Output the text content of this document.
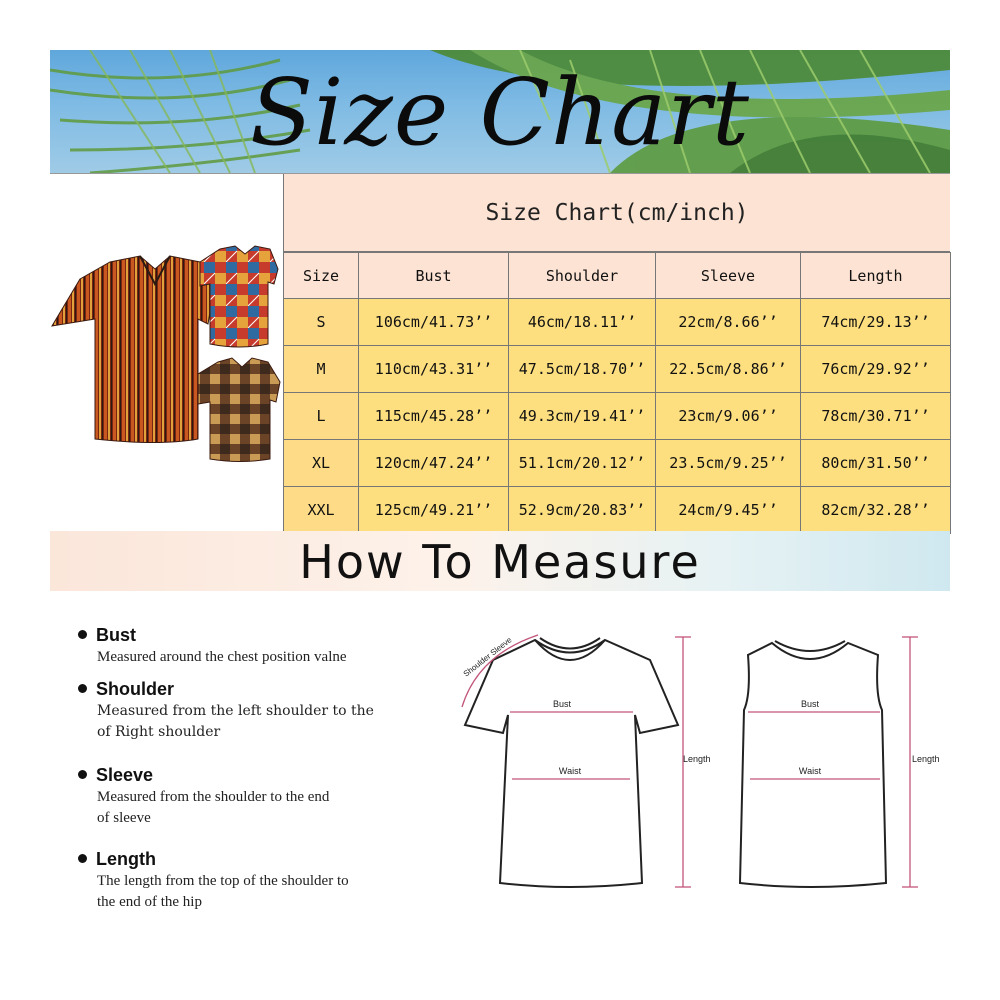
Size Chart
Size Chart(cm/inch)
Size	Bust	Shoulder	Sleeve	Length
S	106cm/41.73’’	46cm/18.11’’	22cm/8.66’’	74cm/29.13’’
M	110cm/43.31’’	47.5cm/18.70’’	22.5cm/8.86’’	76cm/29.92’’
L	115cm/45.28’’	49.3cm/19.41’’	23cm/9.06’’	78cm/30.71’’
XL	120cm/47.24’’	51.1cm/20.12’’	23.5cm/9.25’’	80cm/31.50’’
XXL	125cm/49.21’’	52.9cm/20.83’’	24cm/9.45’’	82cm/32.28’’
How To Measure
Bust
Measured around the chest position valne
Shoulder
Measured from the left shoulder to the
of Right shoulder
Sleeve
Measured from the shoulder to the end
of sleeve
Length
The length from the top of the shoulder to
the end of the hip
Bust
Waist
Bust
Waist
Length	Length
Shoulder Sleeve
